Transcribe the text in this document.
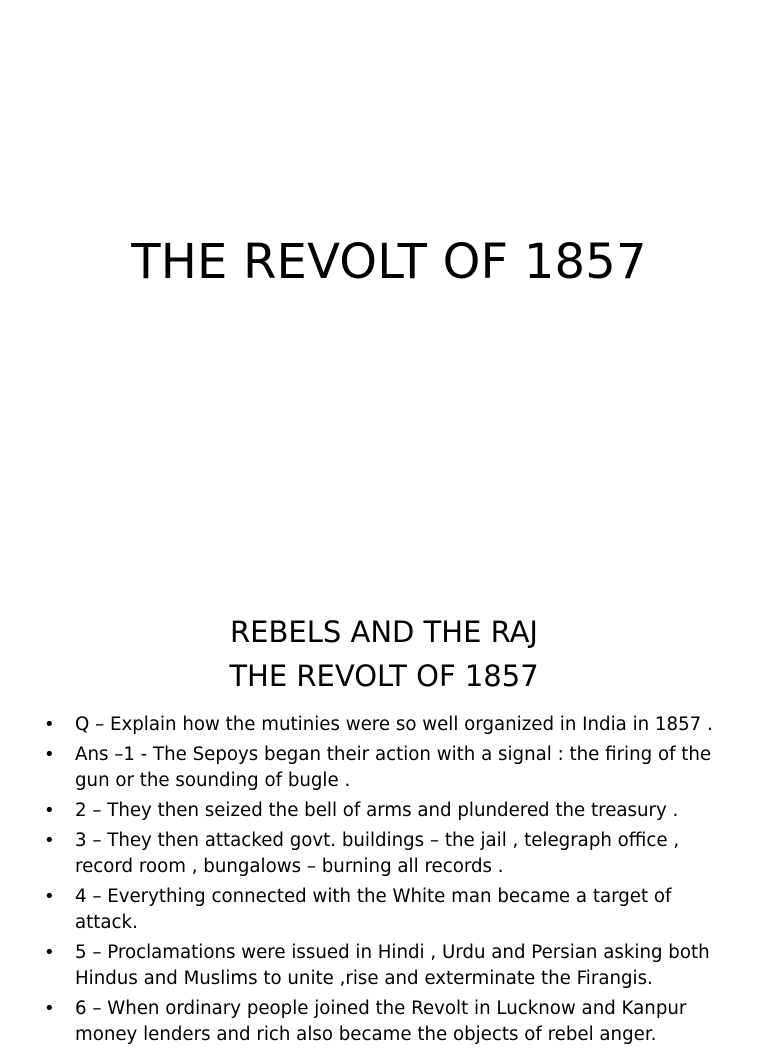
THE REVOLT OF 1857
REBELS AND THE RAJ
THE REVOLT OF 1857
• Q – Explain how the mutinies were so well organized in India in 1857 .
• Ans –1 - The Sepoys began their action with a signal : the firing of the gun or the sounding of bugle .
• 2 – They then seized the bell of arms and plundered the treasury .
• 3 – They then attacked govt. buildings – the jail , telegraph office , record room , bungalows – burning all records .
• 4 – Everything connected with the White man became a target of attack.
• 5 – Proclamations were issued in Hindi , Urdu and Persian asking both Hindus and Muslims to unite ,rise and exterminate the Firangis.
• 6 – When ordinary people joined the Revolt in Lucknow and Kanpur money lenders and rich also became the objects of rebel anger.
